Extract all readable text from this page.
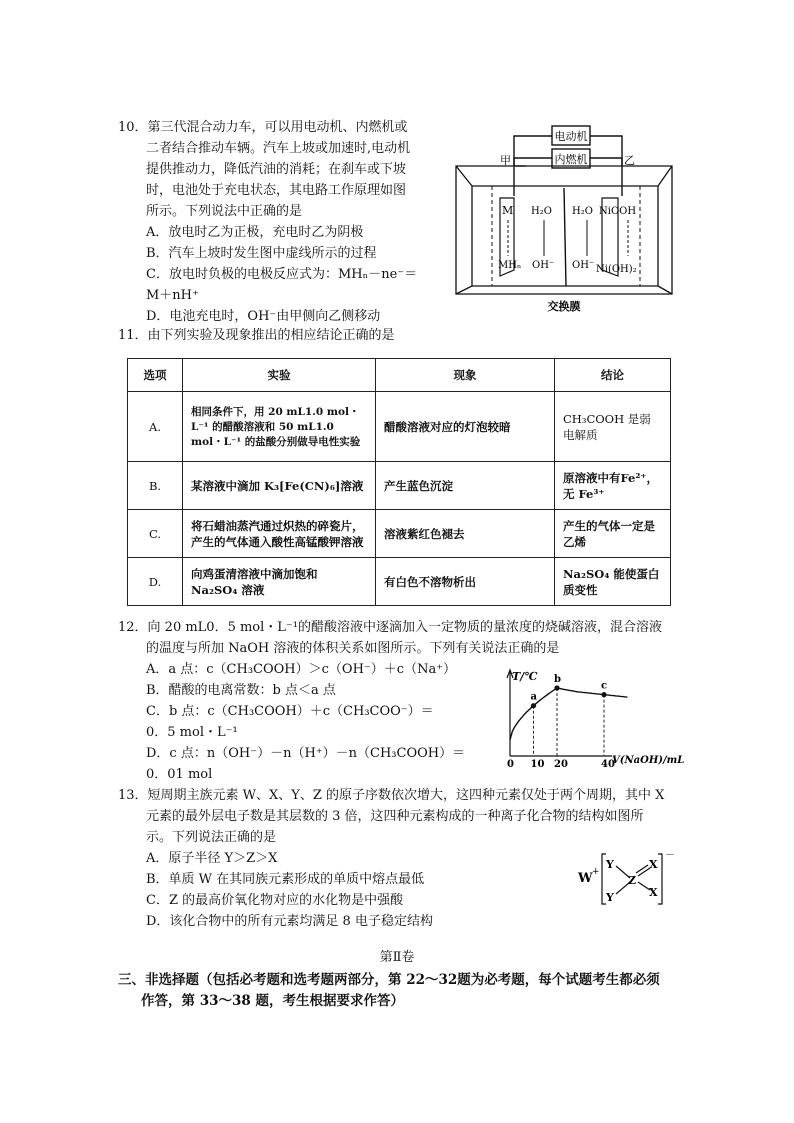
10．第三代混合动力车，可以用电动机、内燃机或
二者结合推动车辆。汽车上坡或加速时,电动机
提供推动力，降低汽油的消耗；在刹车或下坡
时，电池处于充电状态，其电路工作原理如图
所示。下列说法中正确的是
A．放电时乙为正极，充电时乙为阴极
B．汽车上坡时发生图中虚线所示的过程
C．放电时负极的电极反应式为：MHₙ－ne⁻＝
M＋nH⁺
D．电池充电时，OH⁻由甲侧向乙侧移动
电动机
内燃机
甲	乙
M
MHₙ
H₂O
OH⁻
H₂O
OH⁻
NiOOH
Ni(OH)₂
交换膜
11．由下列实验及现象推出的相应结论正确的是
选项	实验	现象	结论
A.	相同条件下，用 20 mL1.0 mol・L⁻¹ 的醋酸溶液和 50 mL1.0 mol・L⁻¹ 的盐酸分别做导电性实验	醋酸溶液对应的灯泡较暗	CH₃COOH 是弱电解质
B.	某溶液中滴加 K₃[Fe(CN)₆]溶液	产生蓝色沉淀	原溶液中有Fe²⁺，无 Fe³⁺
C.	将石蜡油蒸汽通过炽热的碎瓷片，产生的气体通入酸性高锰酸钾溶液	溶液紫红色褪去	产生的气体一定是乙烯
D.	向鸡蛋清溶液中滴加饱和 Na₂SO₄ 溶液	有白色不溶物析出	Na₂SO₄ 能使蛋白质变性
12．向 20 mL0．5 mol・L⁻¹的醋酸溶液中逐滴加入一定物质的量浓度的烧碱溶液，混合溶液
的温度与所加 NaOH 溶液的体积关系如图所示。下列有关说法正确的是
A．a 点：c（CH₃COOH）＞c（OH⁻）＋c（Na⁺）
B．醋酸的电离常数：b 点＜a 点
C．b 点：c（CH₃COOH）＋c（CH₃COO⁻）＝
0．5 mol・L⁻¹
D．c 点：n（OH⁻）－n（H⁺）－n（CH₃COOH）＝
0．01 mol
0 10 20	40
a
b
c
T/℃
V(NaOH)/mL
13．短周期主族元素 W、X、Y、Z 的原子序数依次增大，这四种元素仅处于两个周期，其中 X
元素的最外层电子数是其层数的 3 倍，这四种元素构成的一种离子化合物的结构如图所
示。下列说法正确的是
A．原子半径 Y＞Z＞X
B．单质 W 在其同族元素形成的单质中熔点最低
C．Z 的最高价氧化物对应的水化物是中强酸
D．该化合物中的所有元素均满足 8 电子稳定结构
W +
Y
Y
Z
X
X
－
第Ⅱ卷
三、非选择题（包括必考题和选考题两部分，第 22～32题为必考题，每个试题考生都必须
作答，第 33～38 题，考生根据要求作答）
